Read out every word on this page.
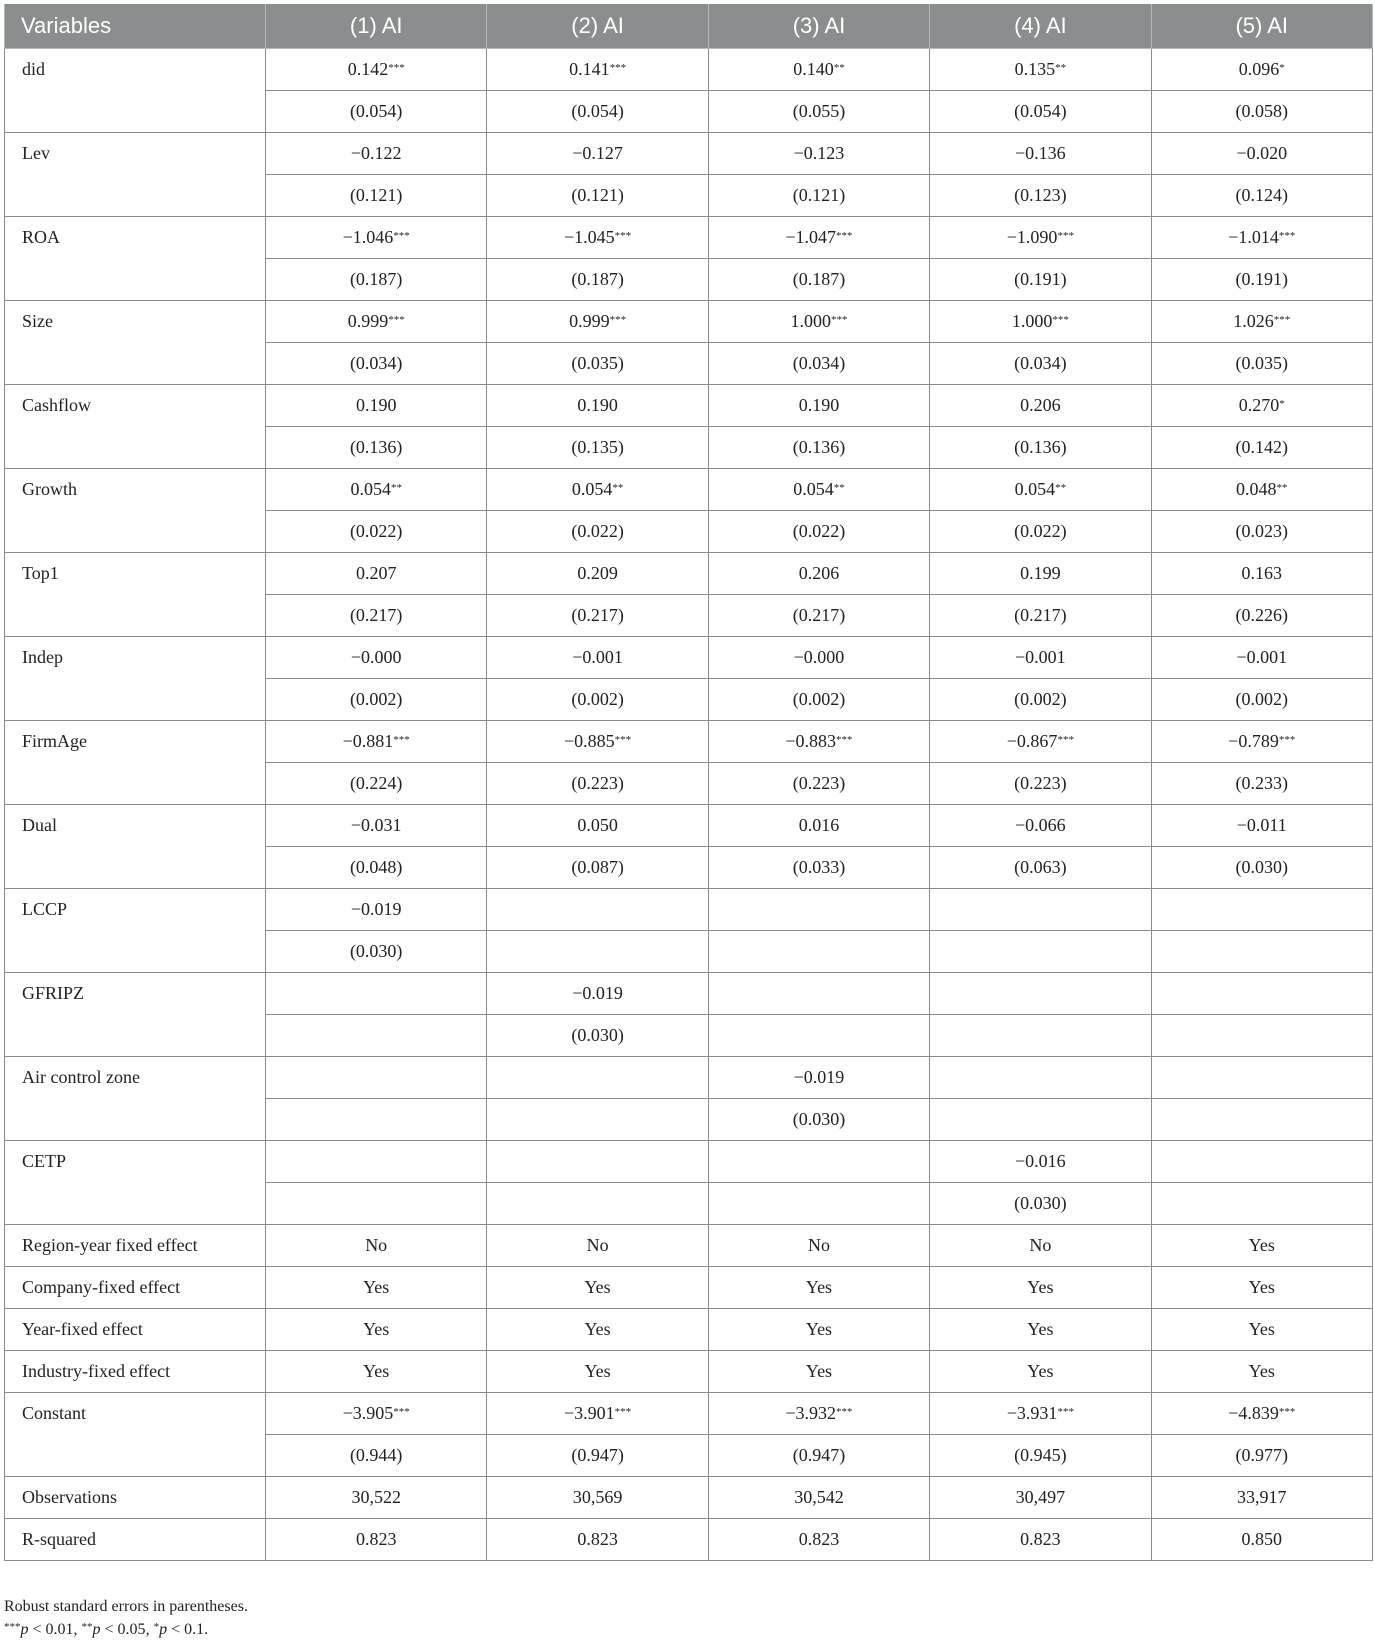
Variables	(1) AI	(2) AI	(3) AI	(4) AI	(5) AI
did	0.142***	0.141***	0.140**	0.135**	0.096*
	(0.054)	(0.054)	(0.055)	(0.054)	(0.058)
Lev	−0.122	−0.127	−0.123	−0.136	−0.020
	(0.121)	(0.121)	(0.121)	(0.123)	(0.124)
ROA	−1.046***	−1.045***	−1.047***	−1.090***	−1.014***
	(0.187)	(0.187)	(0.187)	(0.191)	(0.191)
Size	0.999***	0.999***	1.000***	1.000***	1.026***
	(0.034)	(0.035)	(0.034)	(0.034)	(0.035)
Cashflow	0.190	0.190	0.190	0.206	0.270*
	(0.136)	(0.135)	(0.136)	(0.136)	(0.142)
Growth	0.054**	0.054**	0.054**	0.054**	0.048**
	(0.022)	(0.022)	(0.022)	(0.022)	(0.023)
Top1	0.207	0.209	0.206	0.199	0.163
	(0.217)	(0.217)	(0.217)	(0.217)	(0.226)
Indep	−0.000	−0.001	−0.000	−0.001	−0.001
	(0.002)	(0.002)	(0.002)	(0.002)	(0.002)
FirmAge	−0.881***	−0.885***	−0.883***	−0.867***	−0.789***
	(0.224)	(0.223)	(0.223)	(0.223)	(0.233)
Dual	−0.031	0.050	0.016	−0.066	−0.011
	(0.048)	(0.087)	(0.033)	(0.063)	(0.030)
LCCP	−0.019				
	(0.030)				
GFRIPZ		−0.019			
		(0.030)			
Air control zone			−0.019		
			(0.030)		
CETP				−0.016	
				(0.030)	
Region-year fixed effect	No	No	No	No	Yes
Company-fixed effect	Yes	Yes	Yes	Yes	Yes
Year-fixed effect	Yes	Yes	Yes	Yes	Yes
Industry-fixed effect	Yes	Yes	Yes	Yes	Yes
Constant	−3.905***	−3.901***	−3.932***	−3.931***	−4.839***
	(0.944)	(0.947)	(0.947)	(0.945)	(0.977)
Observations	30,522	30,569	30,542	30,497	33,917
R-squared	0.823	0.823	0.823	0.823	0.850
Robust standard errors in parentheses.
***p < 0.01, **p < 0.05, *p < 0.1.
